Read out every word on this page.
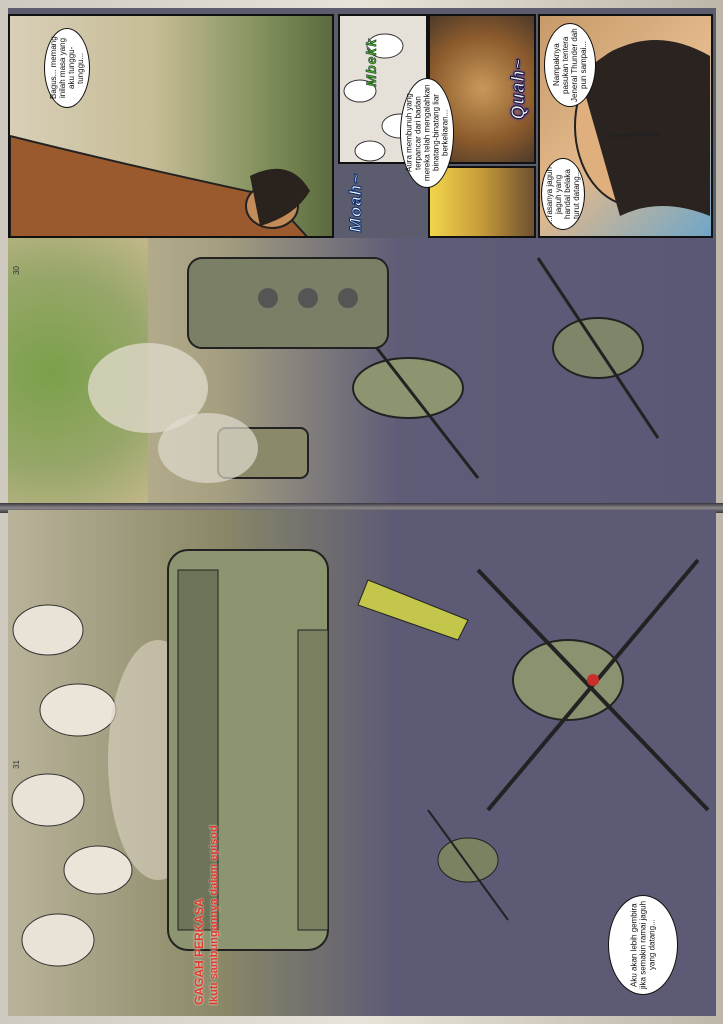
Nampaknya pasukan tentera Jeneral Thunder dah pun sampai...
...rasanya jaguh-jaguh yang handal belaka turut datang...
Quah~
Moah~
Mbekk
Aura membunuh yang terpancar dari badan mereka telah mengalahkan binatang-binatang liar berkeliaran...
Bagus... memang inilah masa yang aku tunggu-tunggu...
30
Aku akan lebih gembira jika semakin ramai jaguh yang datang...
Ikuti sambungannya dalam episod
GAGAH PERKASA
31
